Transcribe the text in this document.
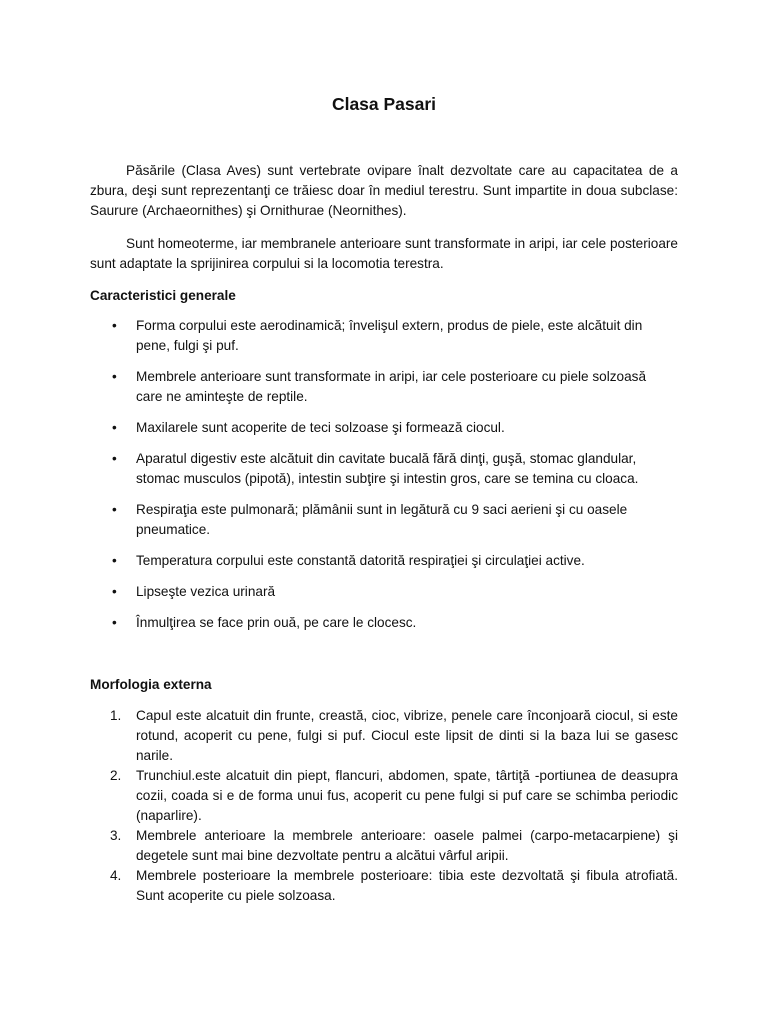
Clasa Pasari

Păsările (Clasa Aves) sunt vertebrate ovipare înalt dezvoltate care au capacitatea de a zbura, deşi sunt reprezentanţi ce trăiesc doar în mediul terestru. Sunt impartite in doua subclase: Saurure (Archaeornithes) şi Ornithurae (Neornithes).

Sunt homeoterme, iar membranele anterioare sunt transformate in aripi, iar cele posterioare sunt adaptate la sprijinirea corpului si la locomotia terestra.

Caracteristici generale
• Forma corpului este aerodinamică; învelişul extern, produs de piele, este alcătuit din pene, fulgi şi puf.
• Membrele anterioare sunt transformate in aripi, iar cele posterioare cu piele solzoasă care ne aminteşte de reptile.
• Maxilarele sunt acoperite de teci solzoase şi formează ciocul.
• Aparatul digestiv este alcătuit din cavitate bucală fără dinţi, guşă, stomac glandular, stomac musculos (pipotă), intestin subţire şi intestin gros, care se temina cu cloaca.
• Respiraţia este pulmonară; plămânii sunt in legătură cu 9 saci aerieni şi cu oasele pneumatice.
• Temperatura corpului este constantă datorită respiraţiei şi circulaţiei active.
• Lipseşte vezica urinară
• Înmulţirea se face prin ouă, pe care le clocesc.
Morfologia externa
1. Capul este alcatuit din frunte, creastă, cioc, vibrize, penele care înconjoară ciocul, si este rotund, acoperit cu pene, fulgi si puf. Ciocul este lipsit de dinti si la baza lui se gasesc narile.
2. Trunchiul.este alcatuit din piept, flancuri, abdomen, spate, târtiţă -portiunea de deasupra cozii, coada si e de forma unui fus, acoperit cu pene fulgi si puf care se schimba periodic (naparlire).
3. Membrele anterioare la membrele anterioare: oasele palmei (carpo-metacarpiene) şi degetele sunt mai bine dezvoltate pentru a alcătui vârful aripii.
4. Membrele posterioare la membrele posterioare: tibia este dezvoltată şi fibula atrofiată. Sunt acoperite cu piele solzoasa.
